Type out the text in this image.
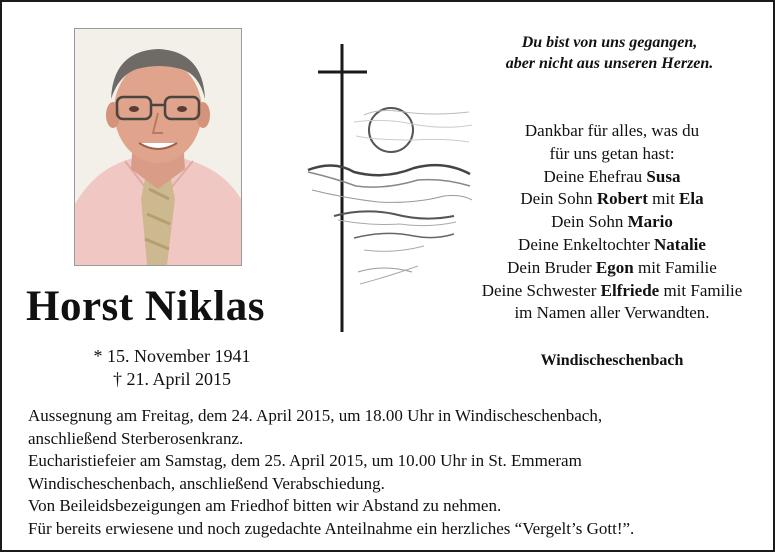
Horst Niklas
* 15. November 1941
† 21. April 2015
Du bist von uns gegangen,
aber nicht aus unseren Herzen.
Dankbar für alles, was du
für uns getan hast:
Deine Ehefrau Susa
Dein Sohn Robert mit Ela
Dein Sohn Mario
Deine Enkeltochter Natalie
Dein Bruder Egon mit Familie
Deine Schwester Elfriede mit Familie
im Namen aller Verwandten.
Windischeschenbach
Aussegnung am Freitag, dem 24. April 2015, um 18.00 Uhr in Windischeschenbach,
anschließend Sterberosenkranz.
Eucharistiefeier am Samstag, dem 25. April 2015, um 10.00 Uhr in St. Emmeram
Windischeschenbach, anschließend Verabschiedung.
Von Beileidsbezeigungen am Friedhof bitten wir Abstand zu nehmen.
Für bereits erwiesene und noch zugedachte Anteilnahme ein herzliches “Vergelt’s Gott!”.
